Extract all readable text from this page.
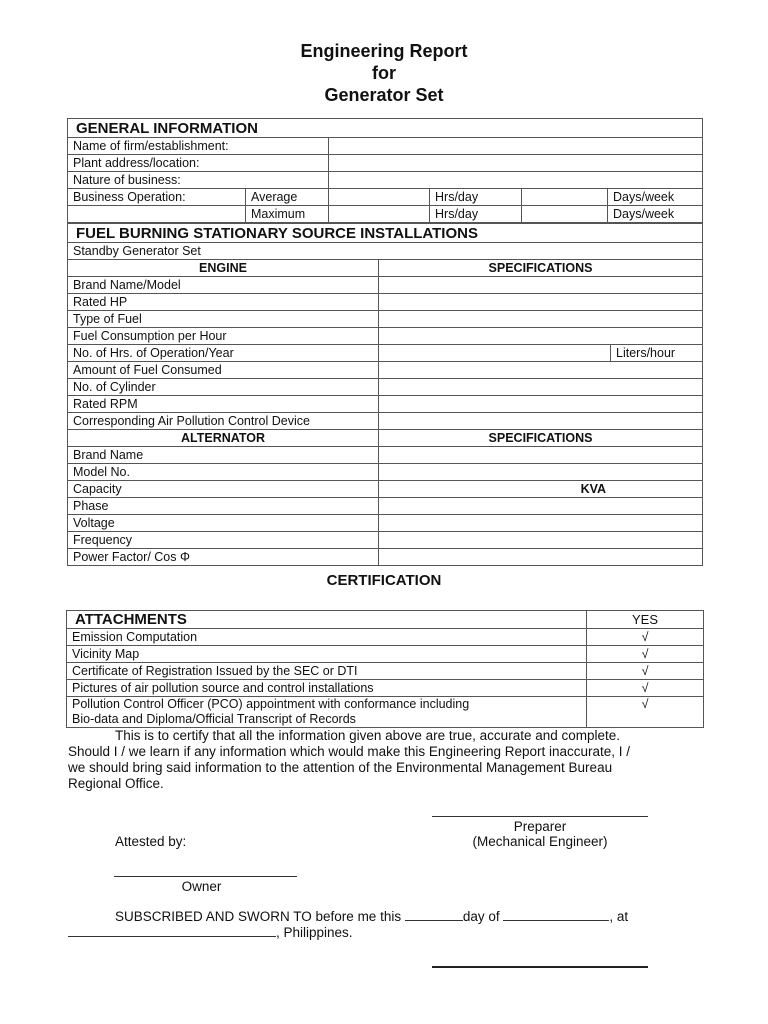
Engineering Report
for
Generator Set
GENERAL INFORMATION					
Name of firm/establishment:					
Plant address/location:					
Nature of business:					
Business Operation:	Average		Hrs/day		Days/week
	Maximum		Hrs/day		Days/week
FUEL BURNING STATIONARY SOURCE INSTALLATIONS		
Standby Generator Set		
ENGINE	SPECIFICATIONS	
Brand Name/Model		
Rated HP		
Type of Fuel		
Fuel Consumption per Hour		
No. of Hrs. of Operation/Year		Liters/hour
Amount of Fuel Consumed		
No. of Cylinder		
Rated RPM		
Corresponding Air Pollution Control Device		
ALTERNATOR	SPECIFICATIONS	
Brand Name		
Model No.		
Capacity	KVA	
Phase		
Voltage		
Frequency		
Power Factor/ Cos Φ		
CERTIFICATION
ATTACHMENTS	YES
Emission Computation	√
Vicinity Map	√
Certificate of Registration Issued by the SEC or DTI	√
Pictures of air pollution source and control installations	√

Pollution Control Officer (PCO) appointment with conformance including
Bio-data and Diploma/Official Transcript of Records	√
This is to certify that all the information given above are true, accurate and complete.
Should I / we learn if any information which would make this Engineering Report inaccurate, I /
we should bring said information to the attention of the Environmental Management Bureau
Regional Office.
Preparer
(Mechanical Engineer)
Attested by:
Owner
SUBSCRIBED AND SWORN TO before me this	day of	, at
, Philippines.
